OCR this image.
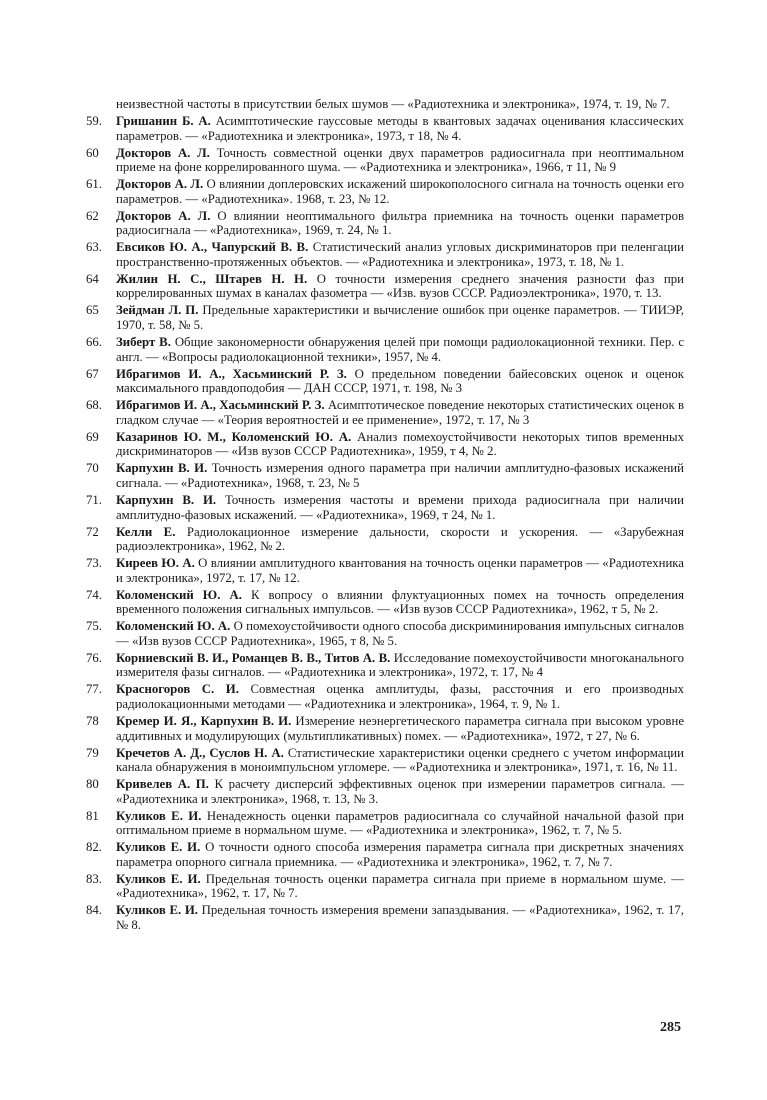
неизвестной частоты в присутствии белых шумов — «Радиотехника и электроника», 1974, т. 19, № 7.
59.	Гришанин Б. А. Асимптотические гауссовые методы в квантовых задачах оценивания классических параметров. — «Радиотехника и электроника», 1973, т 18, № 4.
60	Докторов А. Л. Точность совместной оценки двух параметров радиосигнала при неоптимальном приеме на фоне коррелированного шума. — «Радиотехника и электроника», 1966, т 11, № 9
61.	Докторов А. Л. О влиянии доплеровских искажений широкополосного сигнала на точность оценки его параметров. — «Радиотехника». 1968, т. 23, № 12.
62	Докторов А. Л. О влиянии неоптимального фильтра приемника на точность оценки параметров радиосигнала — «Радиотехника», 1969, т. 24, № 1.
63.	Евсиков Ю. А., Чапурский В. В. Статистический анализ угловых дискриминаторов при пеленгации пространственно-протяженных объектов. — «Радиотехника и электроника», 1973, т. 18, № 1.
64	Жилин Н. С., Штарев Н. Н. О точности измерения среднего значения разности фаз при коррелированных шумах в каналах фазометра — «Изв. вузов СССР. Радиоэлектроника», 1970, т. 13.
65	Зейдман Л. П. Предельные характеристики и вычисление ошибок при оценке параметров. — ТИИЭР, 1970, т. 58, № 5.
66.	Зиберт В. Общие закономерности обнаружения целей при помощи радиолокационной техники. Пер. с англ. — «Вопросы радиолокационной техники», 1957, № 4.
67	Ибрагимов И. А., Хасьминский Р. З. О предельном поведении байесовских оценок и оценок максимального правдоподобия — ДАН СССР, 1971, т. 198, № 3
68.	Ибрагимов И. А., Хасьминский Р. З. Асимптотическое поведение некоторых статистических оценок в гладком случае — «Теория вероятностей и ее применение», 1972, т. 17, № 3
69	Казаринов Ю. М., Коломенский Ю. А. Анализ помехоустойчивости некоторых типов временных дискриминаторов — «Изв вузов СССР Радиотехника», 1959, т 4, № 2.
70	Карпухин В. И. Точность измерения одного параметра при наличии амплитудно-фазовых искажений сигнала. — «Радиотехника», 1968, т. 23, № 5
71.	Карпухин В. И. Точность измерения частоты и времени прихода радиосигнала при наличии амплитудно-фазовых искажений. — «Радиотехника», 1969, т 24, № 1.
72	Келли Е. Радиолокационное измерение дальности, скорости и ускорения. — «Зарубежная радиоэлектроника», 1962, № 2.
73.	Киреев Ю. А. О влиянии амплитудного квантования на точность оценки параметров — «Радиотехника и электроника», 1972, т. 17, № 12.
74.	Коломенский Ю. А. К вопросу о влиянии флуктуационных помех на точность определения временного положения сигнальных импульсов. — «Изв вузов СССР Радиотехника», 1962, т 5, № 2.
75.	Коломенский Ю. А. О помехоустойчивости одного способа дискриминирования импульсных сигналов — «Изв вузов СССР Радиотехника», 1965, т 8, № 5.
76.	Корниевский В. И., Романцев В. В., Титов А. В. Исследование помехоустойчивости многоканального измерителя фазы сигналов. — «Радиотехника и электроника», 1972, т. 17, № 4
77.	Красногоров С. И. Совместная оценка амплитуды, фазы, рассточния и его производных радиолокационными методами — «Радиотехника и электроника», 1964, т. 9, № 1.
78	Кремер И. Я., Карпухин В. И. Измерение неэнергетического параметра сигнала при высоком уровне аддитивных и модулирующих (мультипликативных) помех. — «Радиотехника», 1972, т 27, № 6.
79	Кречетов А. Д., Суслов Н. А. Статистические характеристики оценки среднего с учетом информации канала обнаружения в моноимпульсном угломере. — «Радиотехника и электроника», 1971, т. 16, № 11.
80	Кривелев А. П. К расчету дисперсий эффективных оценок при измерении параметров сигнала. — «Радиотехника и электроника», 1968, т. 13, № 3.
81	Куликов Е. И. Ненадежность оценки параметров радиосигнала со случайной начальной фазой при оптимальном приеме в нормальном шуме. — «Радиотехника и электроника», 1962, т. 7, № 5.
82.	Куликов Е. И. О точности одного способа измерения параметра сигнала при дискретных значениях параметра опорного сигнала приемника. — «Радиотехника и электроника», 1962, т. 7, № 7.
83.	Куликов Е. И. Предельная точность оценки параметра сигнала при приеме в нормальном шуме. — «Радиотехника», 1962, т. 17, № 7.
84.	Куликов Е. И. Предельная точность измерения времени запаздывания. — «Радиотехника», 1962, т. 17, № 8.
285
